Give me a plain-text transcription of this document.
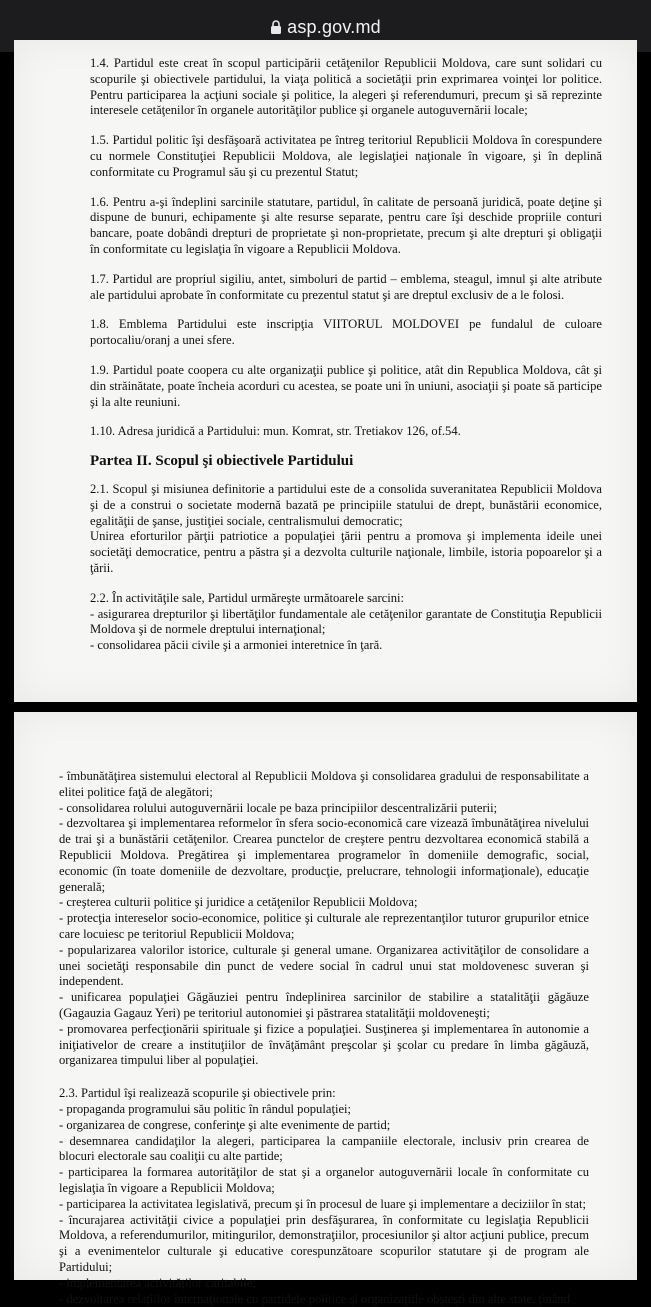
asp.gov.md

1.4. Partidul este creat în scopul participării cetăţenilor Republicii Moldova, care sunt solidari cu scopurile şi obiectivele partidului, la viaţa politică a societăţii prin exprimarea voinţei lor politice. Pentru participarea la acţiuni sociale şi politice, la alegeri şi referendumuri, precum şi să reprezinte interesele cetăţenilor în organele autorităţilor publice şi organele autoguvernării locale;

1.5. Partidul politic îşi desfăşoară activitatea pe întreg teritoriul Republicii Moldova în corespundere cu normele Constituţiei Republicii Moldova, ale legislaţiei naţionale în vigoare, şi în deplină conformitate cu Programul său şi cu prezentul Statut;

1.6. Pentru a-şi îndeplini sarcinile statutare, partidul, în calitate de persoană juridică, poate deţine şi dispune de bunuri, echipamente şi alte resurse separate, pentru care îşi deschide propriile conturi bancare, poate dobândi drepturi de proprietate şi non-proprietate, precum şi alte drepturi şi obligaţii în conformitate cu legislaţia în vigoare a Republicii Moldova.

1.7. Partidul are propriul sigiliu, antet, simboluri de partid – emblema, steagul, imnul şi alte atribute ale partidului aprobate în conformitate cu prezentul statut şi are dreptul exclusiv de a le folosi.

1.8. Emblema Partidului este inscripţia VIITORUL MOLDOVEI pe fundalul de culoare portocaliu/oranj a unei sfere.

1.9. Partidul poate coopera cu alte organizaţii publice şi politice, atât din Republica Moldova, cât şi din străinătate, poate încheia acorduri cu acestea, se poate uni în uniuni, asociaţii şi poate să participe şi la alte reuniuni.

1.10. Adresa juridică a Partidului: mun. Komrat, str. Tretiakov 126, of.54.

Partea II. Scopul şi obiectivele Partidului
2.1. Scopul şi misiunea definitorie a partidului este de a consolida suveranitatea Republicii Moldova şi de a construi o societate modernă bazată pe principiile statului de drept, bunăstării economice, egalităţii de şanse, justiţiei sociale, centralismului democratic;
Unirea eforturilor părţii patriotice a populaţiei ţării pentru a promova şi implementa ideile unei societăţi democratice, pentru a păstra şi a dezvolta culturile naţionale, limbile, istoria popoarelor şi a ţării.
2.2. În activităţile sale, Partidul urmăreşte următoarele sarcini:
- asigurarea drepturilor şi libertăţilor fundamentale ale cetăţenilor garantate de Constituţia Republicii Moldova şi de normele dreptului internaţional;
- consolidarea păcii civile şi a armoniei interetnice în ţară.

- îmbunătăţirea sistemului electoral al Republicii Moldova şi consolidarea gradului de responsabilitate a elitei politice faţă de alegători;

- consolidarea rolului autoguvernării locale pe baza principiilor descentralizării puterii;

- dezvoltarea şi implementarea reformelor în sfera socio-economică care vizează îmbunătăţirea nivelului de trai şi a bunăstării cetăţenilor. Crearea punctelor de creştere pentru dezvoltarea economică stabilă a Republicii Moldova. Pregătirea şi implementarea programelor în domeniile demografic, social, economic (în toate domeniile de dezvoltare, producţie, prelucrare, tehnologii informaţionale), educaţie generală;

- creşterea culturii politice şi juridice a cetăţenilor Republicii Moldova;

- protecţia intereselor socio-economice, politice şi culturale ale reprezentanţilor tuturor grupurilor etnice care locuiesc pe teritoriul Republicii Moldova;

- popularizarea valorilor istorice, culturale şi general umane. Organizarea activităţilor de consolidare a unei societăţi responsabile din punct de vedere social în cadrul unui stat moldovenesc suveran şi independent.

- unificarea populaţiei Găgăuziei pentru îndeplinirea sarcinilor de stabilire a statalităţii găgăuze (Gagauzia Gagauz Yeri) pe teritoriul autonomiei şi păstrarea statalităţii moldoveneşti;

- promovarea perfecţionării spirituale şi fizice a populaţiei. Susţinerea şi implementarea în autonomie a iniţiativelor de creare a instituţiilor de învăţământ preşcolar şi şcolar cu predare în limba găgăuză, organizarea timpului liber al populaţiei.

2.3. Partidul îşi realizează scopurile şi obiectivele prin:

- propaganda programului său politic în rândul populaţiei;

- organizarea de congrese, conferinţe şi alte evenimente de partid;

- desemnarea candidaţilor la alegeri, participarea la campaniile electorale, inclusiv prin crearea de blocuri electorale sau coaliţii cu alte partide;

- participarea la formarea autorităţilor de stat şi a organelor autoguvernării locale în conformitate cu legislaţia în vigoare a Republicii Moldova;

- participarea la activitatea legislativă, precum şi în procesul de luare şi implementare a deciziilor în stat;

- încurajarea activităţii civice a populaţiei prin desfăşurarea, în conformitate cu legislaţia Republicii Moldova, a referendumurilor, mitingurilor, demonstraţiilor, procesiunilor şi altor acţiuni publice, precum şi a evenimentelor culturale şi educative corespunzătoare scopurilor statutare şi de program ale Partidului;

- implementarea activităţilor caritabile;

- dezvoltarea relaţiilor internaţionale cu partidele politice şi organizaţiile obşteşti din alte state, ţinând
